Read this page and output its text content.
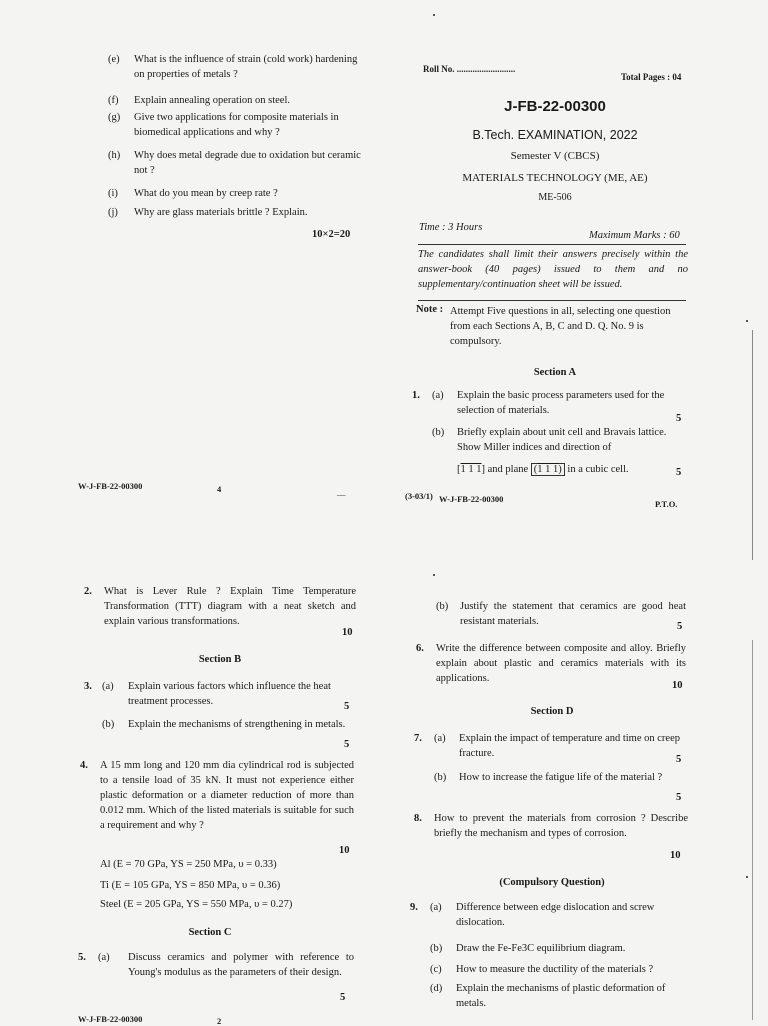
(e) What is the influence of strain (cold work) hardening on properties of metals ?
(f) Explain annealing operation on steel.
(g) Give two applications for composite materials in biomedical applications and why ?
(h) Why does metal degrade due to oxidation but ceramic not ?
(i) What do you mean by creep rate ?
(j) Why are glass materials brittle ? Explain.
10×2=20
W-J-FB-22-00300	4	—
Roll No. ..........................
Total Pages : 04
J-FB-22-00300
B.Tech. EXAMINATION, 2022
Semester V (CBCS)
MATERIALS TECHNOLOGY (ME, AE)
ME-506
Time : 3 Hours
Maximum Marks : 60
The candidates shall limit their answers precisely within the answer-book (40 pages) issued to them and no supplementary/continuation sheet will be issued.
Note : Attempt Five questions in all, selecting one question from each Sections A, B, C and D. Q. No. 9 is compulsory.
Section A
1. (a) Explain the basic process parameters used for the selection of materials.
5
(b) Briefly explain about unit cell and Bravais lattice. Show Miller indices and direction of
[1 1 1] and plane (1 1 1) in a cubic cell.	5
(3-03/1) W-J-FB-22-00300	P.T.O.
2. What is Lever Rule ? Explain Time Temperature Transformation (TTT) diagram with a neat sketch and explain various transformations.
10
Section B
3. (a) Explain various factors which influence the heat treatment processes.	5
(b) Explain the mechanisms of strengthening in metals.
5
4. A 15 mm long and 120 mm dia cylindrical rod is subjected to a tensile load of 35 kN. It must not experience either plastic deformation or a diameter reduction of more than 0.012 mm. Which of the listed materials is suitable for such a requirement and why ?
10
Al (E = 70 GPa, YS = 250 MPa, υ = 0.33)
Ti (E = 105 GPa, YS = 850 MPa, υ = 0.36)
Steel (E = 205 GPa, YS = 550 MPa, υ = 0.27)
Section C
5. (a) Discuss ceramics and polymer with reference to Young's modulus as the parameters of their design.
5
W-J-FB-22-00300	2
(b) Justify the statement that ceramics are good heat resistant materials.	5
6. Write the difference between composite and alloy. Briefly explain about plastic and ceramics materials with its applications.
10
Section D
7. (a) Explain the impact of temperature and time on creep fracture.
5
(b) How to increase the fatigue life of the material ?
5
8. How to prevent the materials from corrosion ? Describe briefly the mechanism and types of corrosion.
10
(Compulsory Question)
9. (a) Difference between edge dislocation and screw dislocation.
(b) Draw the Fe-Fe3C equilibrium diagram.
(c) How to measure the ductility of the materials ?
(d) Explain the mechanisms of plastic deformation of metals.
